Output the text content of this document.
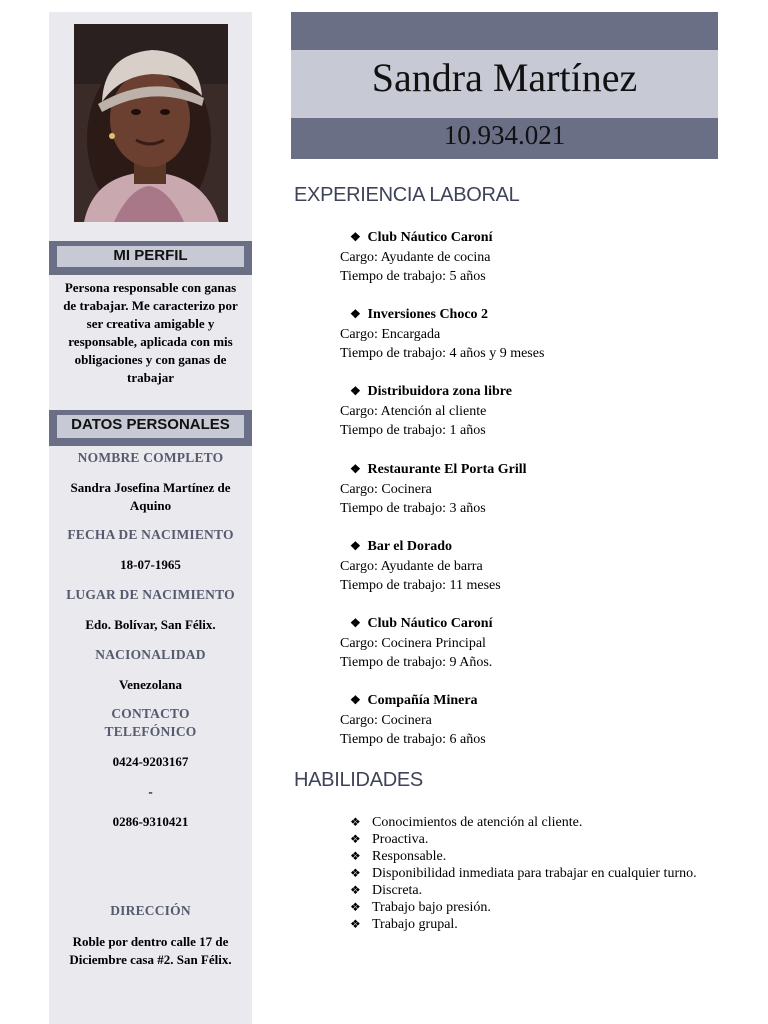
MI PERFIL
Persona responsable con ganas de trabajar. Me caracterizo por ser creativa amigable y responsable, aplicada con mis obligaciones y con ganas de trabajar
DATOS PERSONALES
NOMBRE COMPLETO
Sandra Josefina Martínez de Aquino
FECHA DE NACIMIENTO
18-07-1965
LUGAR DE NACIMIENTO
Edo. Bolívar, San Félix.
NACIONALIDAD
Venezolana
CONTACTO TELEFÓNICO
0424-9203167
-
0286-9310421
DIRECCIÓN
Roble por dentro calle 17 de Diciembre casa #2. San Félix.
Sandra Martínez
10.934.021
EXPERIENCIA LABORAL
❖ Club Náutico Caroní
Cargo: Ayudante de cocina
Tiempo de trabajo: 5 años
❖ Inversiones Choco 2
Cargo: Encargada
Tiempo de trabajo: 4 años y 9 meses
❖ Distribuidora zona libre
Cargo: Atención al cliente
Tiempo de trabajo: 1 años
❖ Restaurante El Porta Grill
Cargo: Cocinera
Tiempo de trabajo: 3 años
❖ Bar el Dorado
Cargo: Ayudante de barra
Tiempo de trabajo: 11 meses
❖ Club Náutico Caroní
Cargo: Cocinera Principal
Tiempo de trabajo: 9 Años.
❖ Compañía Minera
Cargo: Cocinera
Tiempo de trabajo: 6 años
HABILIDADES
❖ Conocimientos de atención al cliente.
❖ Proactiva.
❖ Responsable.
❖ Disponibilidad inmediata para trabajar en cualquier turno.
❖ Discreta.
❖ Trabajo bajo presión.
❖ Trabajo grupal.
